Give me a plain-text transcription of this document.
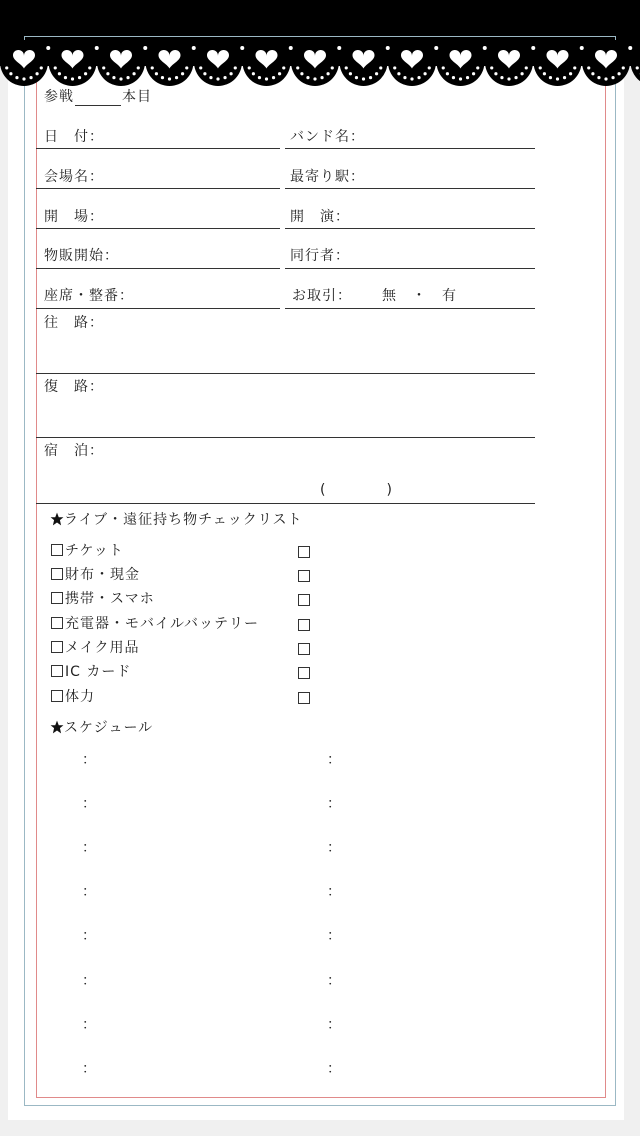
参戦	本目
日　付：	バンド名：
会場名：	最寄り駅：
開　場：	開　演：
物販開始：	同行者：
座席・整番：	お取引： 無　・　有
往　路：
復　路：
宿　泊：
(　　　　)
ライブ・遠征持ち物チェックリスト
チケット
財布・現金
携帯・スマホ
充電器・モバイルバッテリー
メイク用品
IC カード
体力
スケジュール
：	：
：	：
：	：
：	：
：	：
：	：
：	：
：	：
